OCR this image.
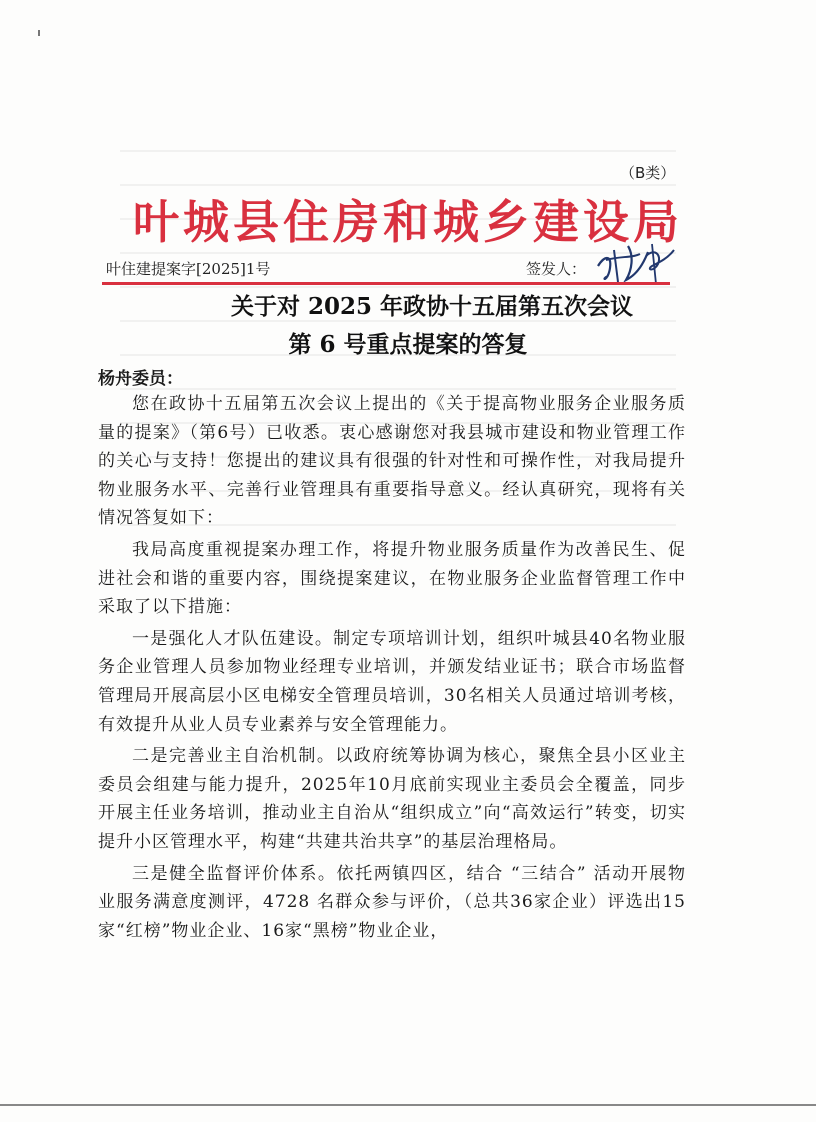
（B类）
叶城县住房和城乡建设局
叶住建提案字[2025]1号	签发人：
关于对 2025 年政协十五届第五次会议
第 6 号重点提案的答复
杨舟委员：

您在政协十五届第五次会议上提出的《关于提高物业服务企业服务质量的提案》（第6号）已收悉。衷心感谢您对我县城市建设和物业管理工作的关心与支持！您提出的建议具有很强的针对性和可操作性，对我局提升物业服务水平、完善行业管理具有重要指导意义。经认真研究，现将有关情况答复如下：

我局高度重视提案办理工作，将提升物业服务质量作为改善民生、促进社会和谐的重要内容，围绕提案建议，在物业服务企业监督管理工作中采取了以下措施：

一是强化人才队伍建设。制定专项培训计划，组织叶城县40名物业服务企业管理人员参加物业经理专业培训，并颁发结业证书；联合市场监督管理局开展高层小区电梯安全管理员培训，30名相关人员通过培训考核，有效提升从业人员专业素养与安全管理能力。

二是完善业主自治机制。以政府统筹协调为核心，聚焦全县小区业主委员会组建与能力提升，2025年10月底前实现业主委员会全覆盖，同步开展主任业务培训，推动业主自治从“组织成立”向“高效运行”转变，切实提升小区管理水平，构建“共建共治共享”的基层治理格局。

三是健全监督评价体系。依托两镇四区，结合 “三结合” 活动开展物业服务满意度测评，4728 名群众参与评价，（总共36家企业）评选出15家“红榜”物业企业、16家“黑榜”物业企业，
